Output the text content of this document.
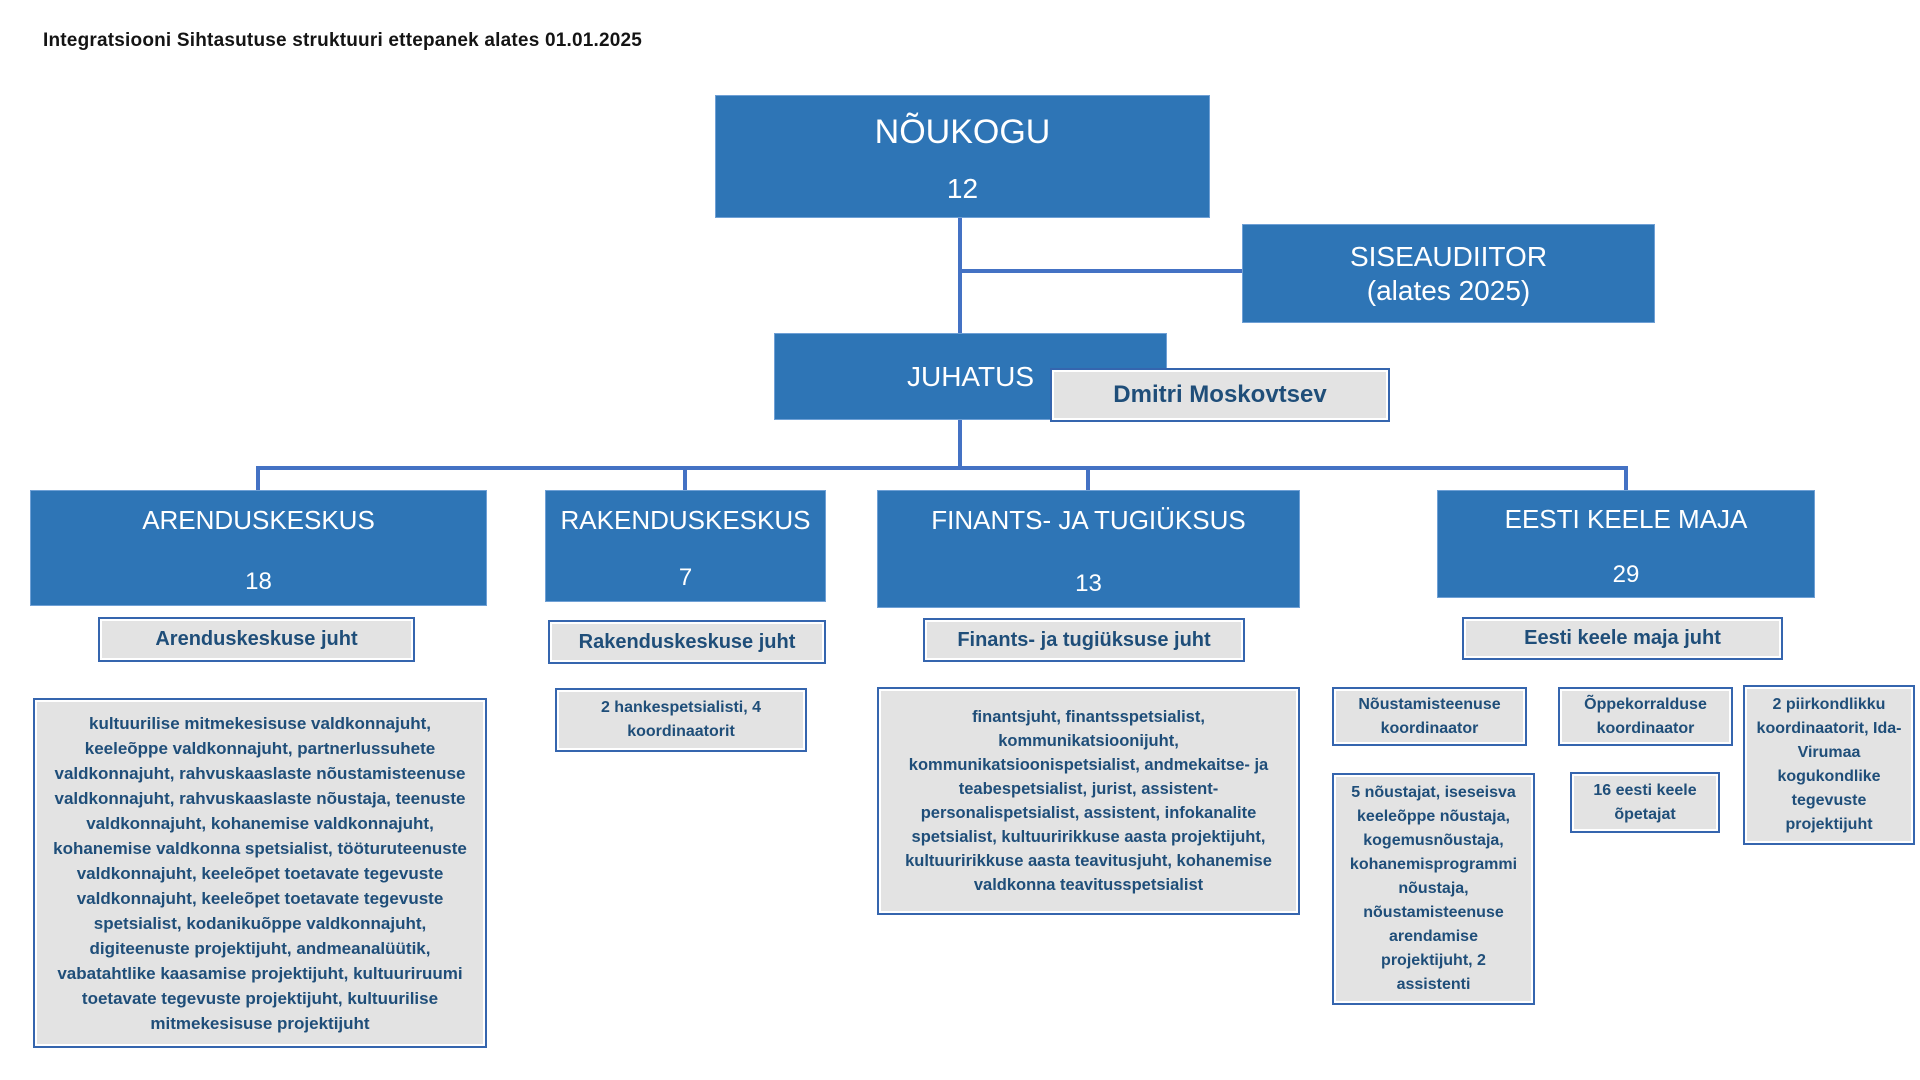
Integratsiooni Sihtasutuse struktuuri ettepanek alates 01.01.2025
NÕUKOGU
12
SISEAUDIITOR
(alates 2025)
JUHATUS
Dmitri Moskovtsev
ARENDUSKESKUS
18
Arenduskeskuse juht
kultuurilise mitmekesisuse valdkonnajuht, keeleõppe valdkonnajuht, partnerlussuhete valdkonnajuht, rahvuskaaslaste nõustamisteenuse valdkonnajuht, rahvuskaaslaste nõustaja, teenuste valdkonnajuht, kohanemise valdkonnajuht, kohanemise valdkonna spetsialist, tööturuteenuste valdkonnajuht, keeleõpet toetavate tegevuste valdkonnajuht, keeleõpet toetavate tegevuste spetsialist, kodanikuõppe valdkonnajuht, digiteenuste projektijuht, andmeanalüütik, vabatahtlike kaasamise projektijuht, kultuuriruumi toetavate tegevuste projektijuht, kultuurilise mitmekesisuse projektijuht
RAKENDUSKESKUS
7
Rakenduskeskuse juht
2 hankespetsialisti, 4 koordinaatorit
FINANTS- JA TUGIÜKSUS
13
Finants- ja tugiüksuse juht
finantsjuht, finantsspetsialist, kommunikatsioonijuht, kommunikatsioonispetsialist, andmekaitse- ja teabespetsialist, jurist, assistent-personalispetsialist, assistent, infokanalite spetsialist, kultuuririkkuse aasta projektijuht, kultuuririkkuse aasta teavitusjuht, kohanemise valdkonna teavitusspetsialist
EESTI KEELE MAJA
29
Eesti keele maja juht
Nõustamisteenuse koordinaator
5 nõustajat, iseseisva keeleõppe nõustaja, kogemusnõustaja, kohanemisprogrammi nõustaja, nõustamisteenuse arendamise projektijuht, 2 assistenti
Õppekorralduse koordinaator
16 eesti keele õpetajat
2 piirkondlikku koordinaatorit, Ida-Virumaa kogukondlike tegevuste projektijuht
